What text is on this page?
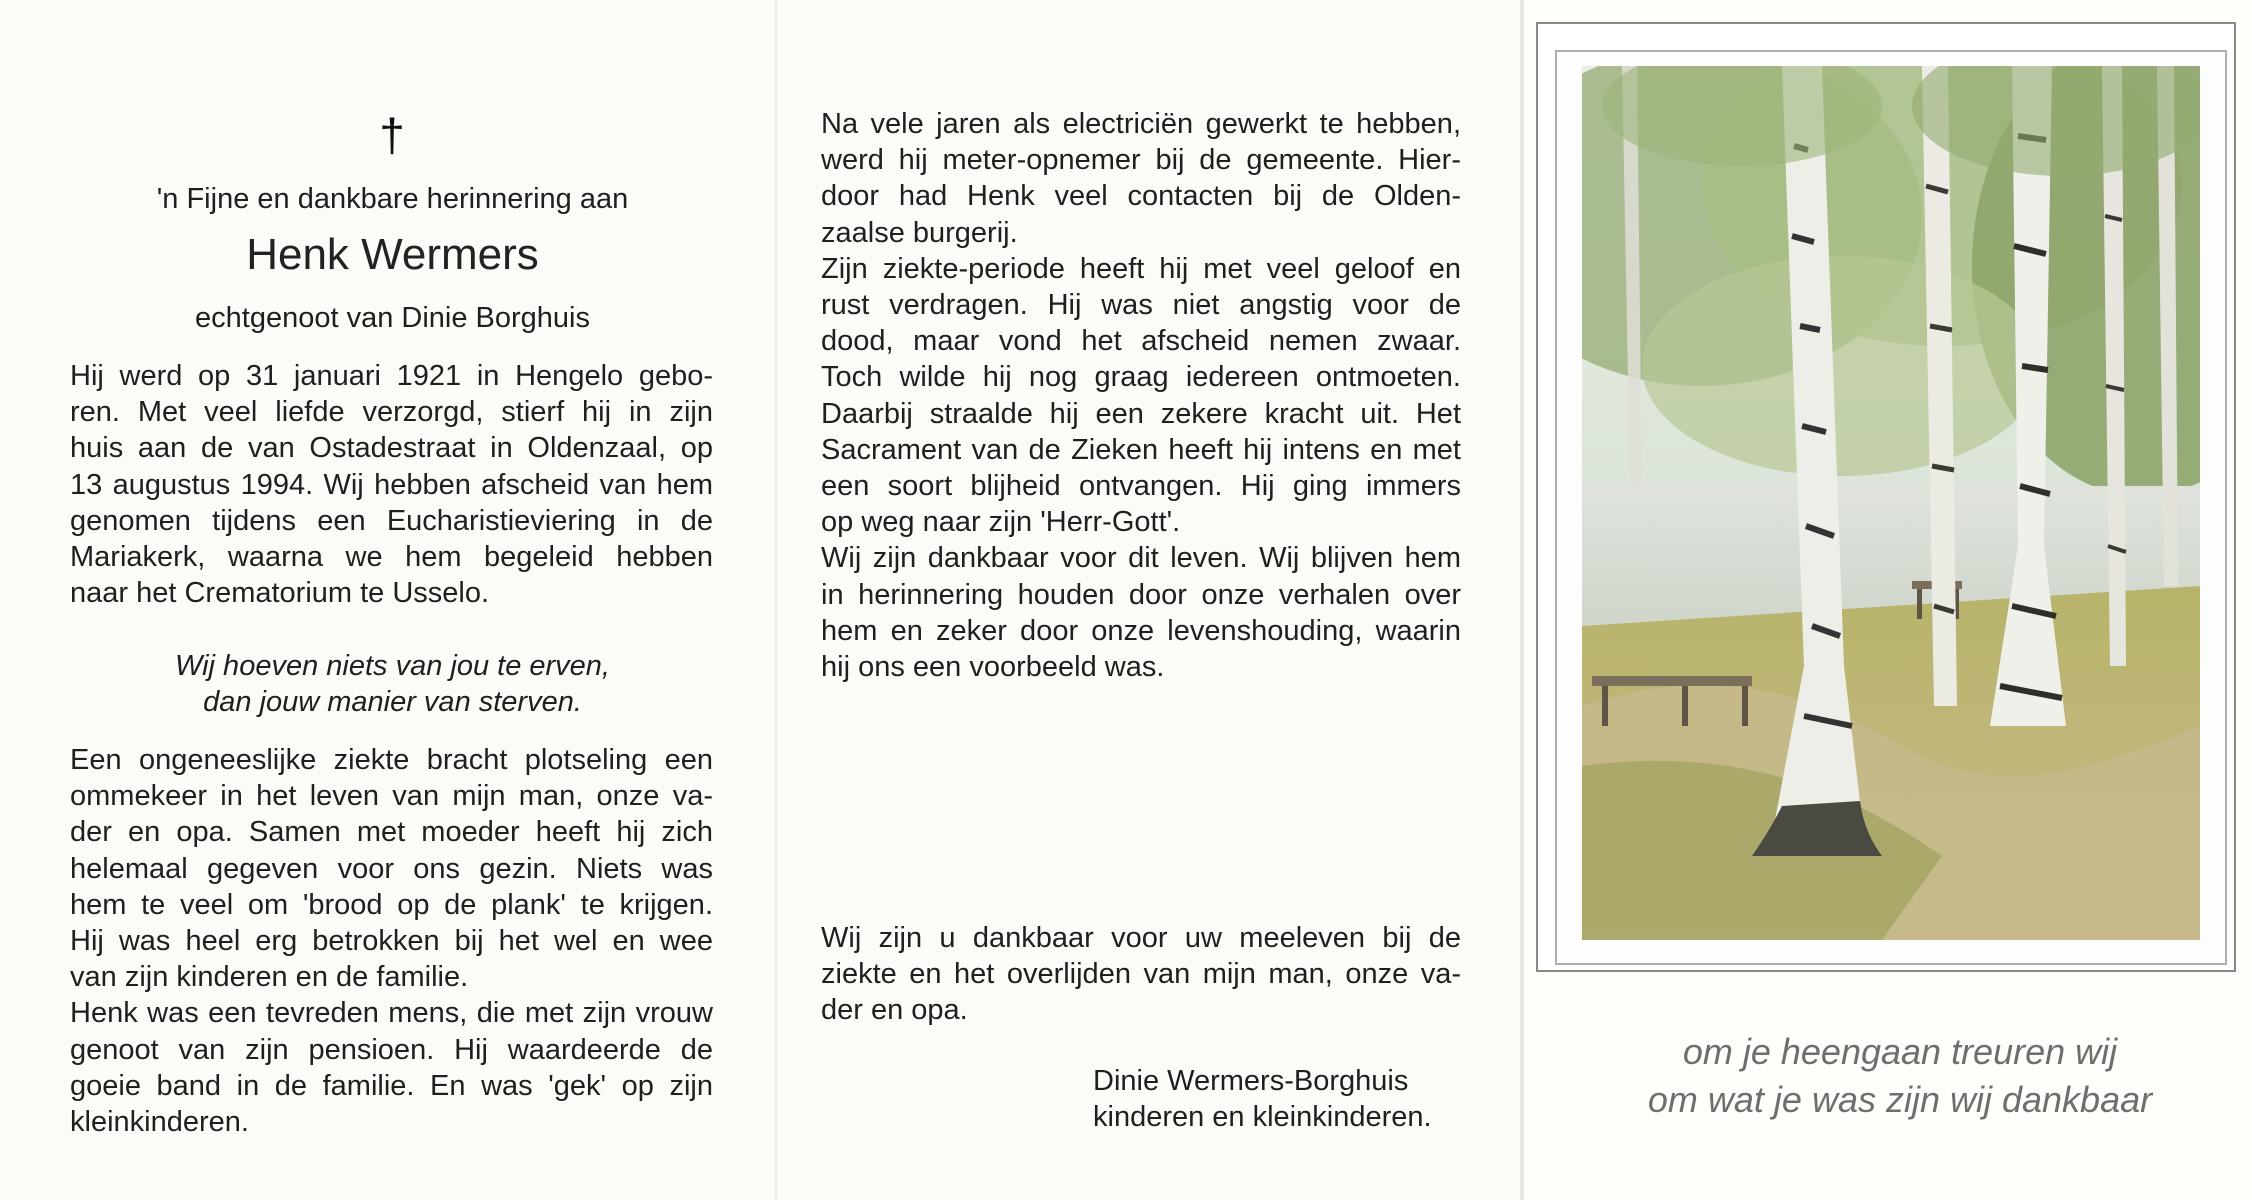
†
'n Fijne en dankbare herinnering aan
Henk Wermers
echtgenoot van Dinie Borghuis
Hij werd op 31 januari 1921 in Hengelo gebo-
ren. Met veel liefde verzorgd, stierf hij in zijn
huis aan de van Ostadestraat in Oldenzaal, op
13 augustus 1994. Wij hebben afscheid van hem
genomen tijdens een Eucharistieviering in de
Mariakerk, waarna we hem begeleid hebben
naar het Crematorium te Usselo.
Wij hoeven niets van jou te erven,
dan jouw manier van sterven.
Een ongeneeslijke ziekte bracht plotseling een
ommekeer in het leven van mijn man, onze va-
der en opa. Samen met moeder heeft hij zich
helemaal gegeven voor ons gezin. Niets was
hem te veel om 'brood op de plank' te krijgen.
Hij was heel erg betrokken bij het wel en wee
van zijn kinderen en de familie.
Henk was een tevreden mens, die met zijn vrouw
genoot van zijn pensioen. Hij waardeerde de
goeie band in de familie. En was 'gek' op zijn
kleinkinderen.
Na vele jaren als electriciën gewerkt te hebben,
werd hij meter-opnemer bij de gemeente. Hier-
door had Henk veel contacten bij de Olden-
zaalse burgerij.
Zijn ziekte-periode heeft hij met veel geloof en
rust verdragen. Hij was niet angstig voor de
dood, maar vond het afscheid nemen zwaar.
Toch wilde hij nog graag iedereen ontmoeten.
Daarbij straalde hij een zekere kracht uit. Het
Sacrament van de Zieken heeft hij intens en met
een soort blijheid ontvangen. Hij ging immers
op weg naar zijn 'Herr-Gott'.
Wij zijn dankbaar voor dit leven. Wij blijven hem
in herinnering houden door onze verhalen over
hem en zeker door onze levenshouding, waarin
hij ons een voorbeeld was.
Wij zijn u dankbaar voor uw meeleven bij de
ziekte en het overlijden van mijn man, onze va-
der en opa.
Dinie Wermers-Borghuis
kinderen en kleinkinderen.
om je heengaan treuren wij
om wat je was zijn wij dankbaar
